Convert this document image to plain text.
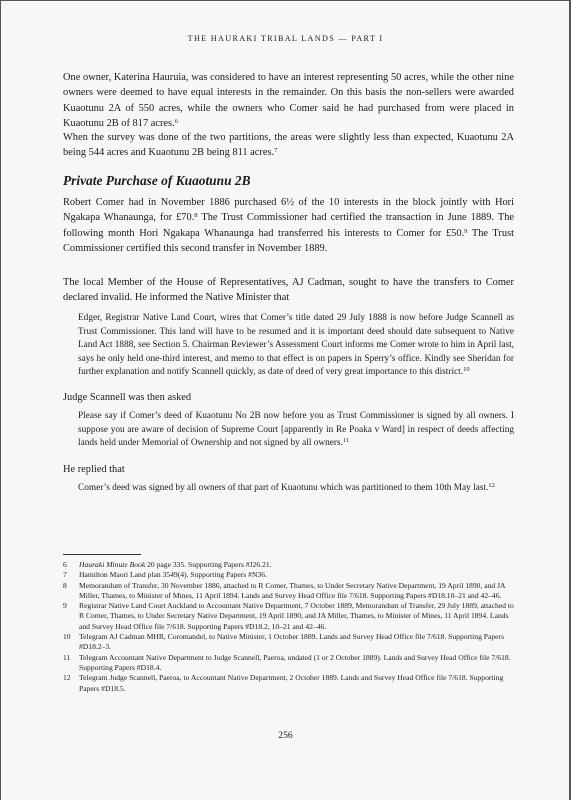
THE HAURAKI TRIBAL LANDS — PART I

One owner, Katerina Hauruia, was considered to have an interest representing 50 acres, while the other nine owners were deemed to have equal interests in the remainder. On this basis the non-sellers were awarded Kuaotunu 2A of 550 acres, while the owners who Comer said he had purchased from were placed in Kuaotunu 2B of 817 acres.$^6$

When the survey was done of the two partitions, the areas were slightly less than expected, Kuaotunu 2A being 544 acres and Kuaotunu 2B being 811 acres.$^7$

Private Purchase of Kuaotunu 2B

Robert Comer had in November 1886 purchased 6½ of the 10 interests in the block jointly with Hori Ngakapa Whanaunga, for £70.$^8$ The Trust Commissioner had certified the transaction in June 1889. The following month Hori Ngakapa Whanaunga had transferred his interests to Comer for £50.$^9$ The Trust Commissioner certified this second transfer in November 1889.

The local Member of the House of Representatives, AJ Cadman, sought to have the transfers to Comer declared invalid. He informed the Native Minister that

Edger, Registrar Native Land Court, wires that Comer’s title dated 29 July 1888 is now before Judge Scannell as Trust Commissioner. This land will have to be resumed and it is important deed should date subsequent to Native Land Act 1888, see Section 5. Chairman Reviewer’s Assessment Court informs me Comer wrote to him in April last, says he only held one-third interest, and memo to that effect is on papers in Sperry’s office. Kindly see Sheridan for further explanation and notify Scannell quickly, as date of deed of very great importance to this district.$^{10}$

Judge Scannell was then asked

Please say if Comer’s deed of Kuaotunu No 2B now before you as Trust Commissioner is signed by all owners. I suppose you are aware of decision of Supreme Court [apparently in Re Poaka v Ward] in respect of deeds affecting lands held under Memorial of Ownership and not signed by all owners.$^{11}$

He replied that

Comer’s deed was signed by all owners of that part of Kuaotunu which was partitioned to them 10th May last.$^{12}$

6 Hauraki Minute Book 20 page 335. Supporting Papers #J26.21.

7 Hamilton Maori Land plan 3549(4). Supporting Papers #N36.

8 Memorandum of Transfer, 30 November 1886, attached to R Comer, Thames, to Under Secretary Native Department, 19 April 1890, and JA Miller, Thames, to Minister of Mines, 11 April 1894. Lands and Survey Head Office file 7/618. Supporting Papers #D18.10–21 and 42–46.

9 Registrar Native Land Court Auckland to Accountant Native Department, 7 October 1889, Memorandum of Transfer, 29 July 1889, attached to R Comer, Thames, to Under Secretary Native Department, 19 April 1890, and JA Miller, Thames, to Minister of Mines, 11 April 1894. Lands and Survey Head Office file 7/618. Supporting Papers #D18.2, 10–21 and 42–46.

10 Telegram AJ Cadman MHR, Coromandel, to Native Minister, 1 October 1889. Lands and Survey Head Office file 7/618. Supporting Papers #D18.2–3.

11 Telegram Accountant Native Department to Judge Scannell, Paeroa, undated (1 or 2 October 1889). Lands and Survey Head Office file 7/618. Supporting Papers #D18.4.

12 Telegram Judge Scannell, Paeroa, to Accountant Native Department, 2 October 1889. Lands and Survey Head Office file 7/618. Supporting Papers #D18.5.

256
